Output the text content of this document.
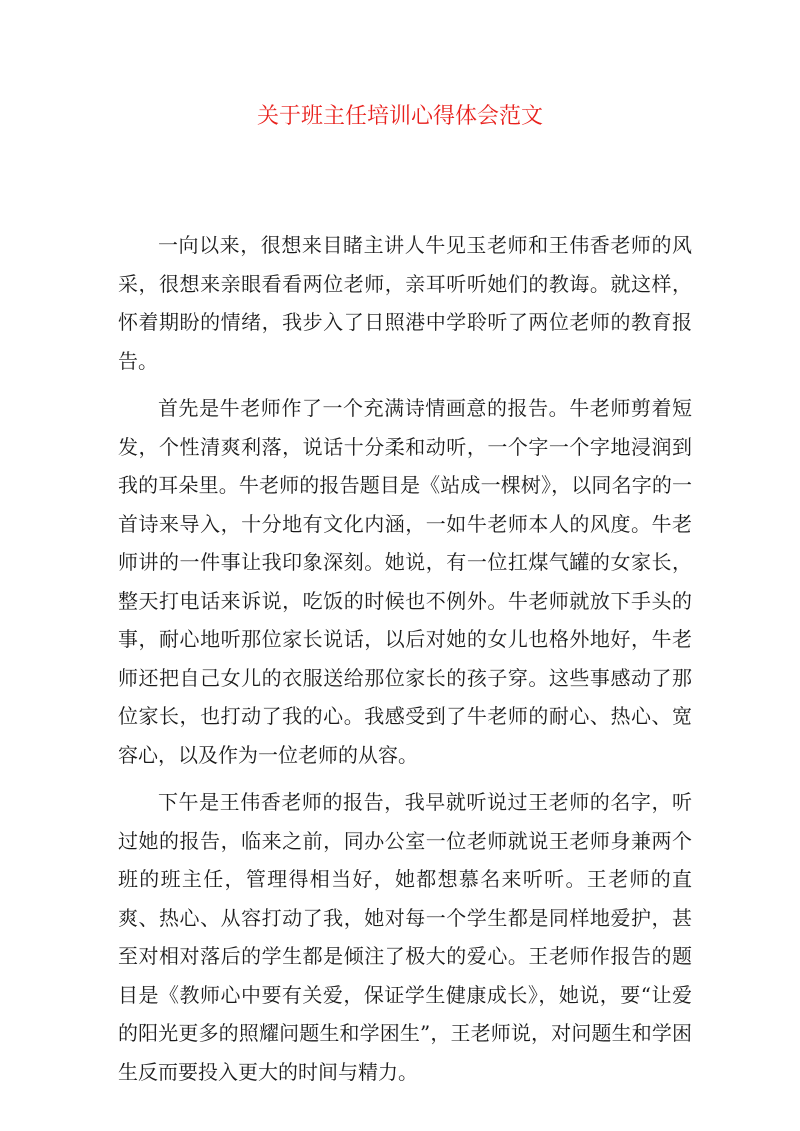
关于班主任培训心得体会范文

一向以来，很想来目睹主讲人牛见玉老师和王伟香老师的风采，很想来亲眼看看两位老师，亲耳听听她们的教诲。就这样，怀着期盼的情绪，我步入了日照港中学聆听了两位老师的教育报告。

首先是牛老师作了一个充满诗情画意的报告。牛老师剪着短发，个性清爽利落，说话十分柔和动听，一个字一个字地浸润到我的耳朵里。牛老师的报告题目是《站成一棵树》，以同名字的一首诗来导入，十分地有文化内涵，一如牛老师本人的风度。牛老师讲的一件事让我印象深刻。她说，有一位扛煤气罐的女家长，整天打电话来诉说，吃饭的时候也不例外。牛老师就放下手头的事，耐心地听那位家长说话，以后对她的女儿也格外地好，牛老师还把自己女儿的衣服送给那位家长的孩子穿。这些事感动了那位家长，也打动了我的心。我感受到了牛老师的耐心、热心、宽容心，以及作为一位老师的从容。

下午是王伟香老师的报告，我早就听说过王老师的名字，听过她的报告，临来之前，同办公室一位老师就说王老师身兼两个班的班主任，管理得相当好，她都想慕名来听听。王老师的直爽、热心、从容打动了我，她对每一个学生都是同样地爱护，甚至对相对落后的学生都是倾注了极大的爱心。王老师作报告的题目是《教师心中要有关爱，保证学生健康成长》，她说，要“让爱的阳光更多的照耀问题生和学困生”，王老师说，对问题生和学困生反而要投入更大的时间与精力。
